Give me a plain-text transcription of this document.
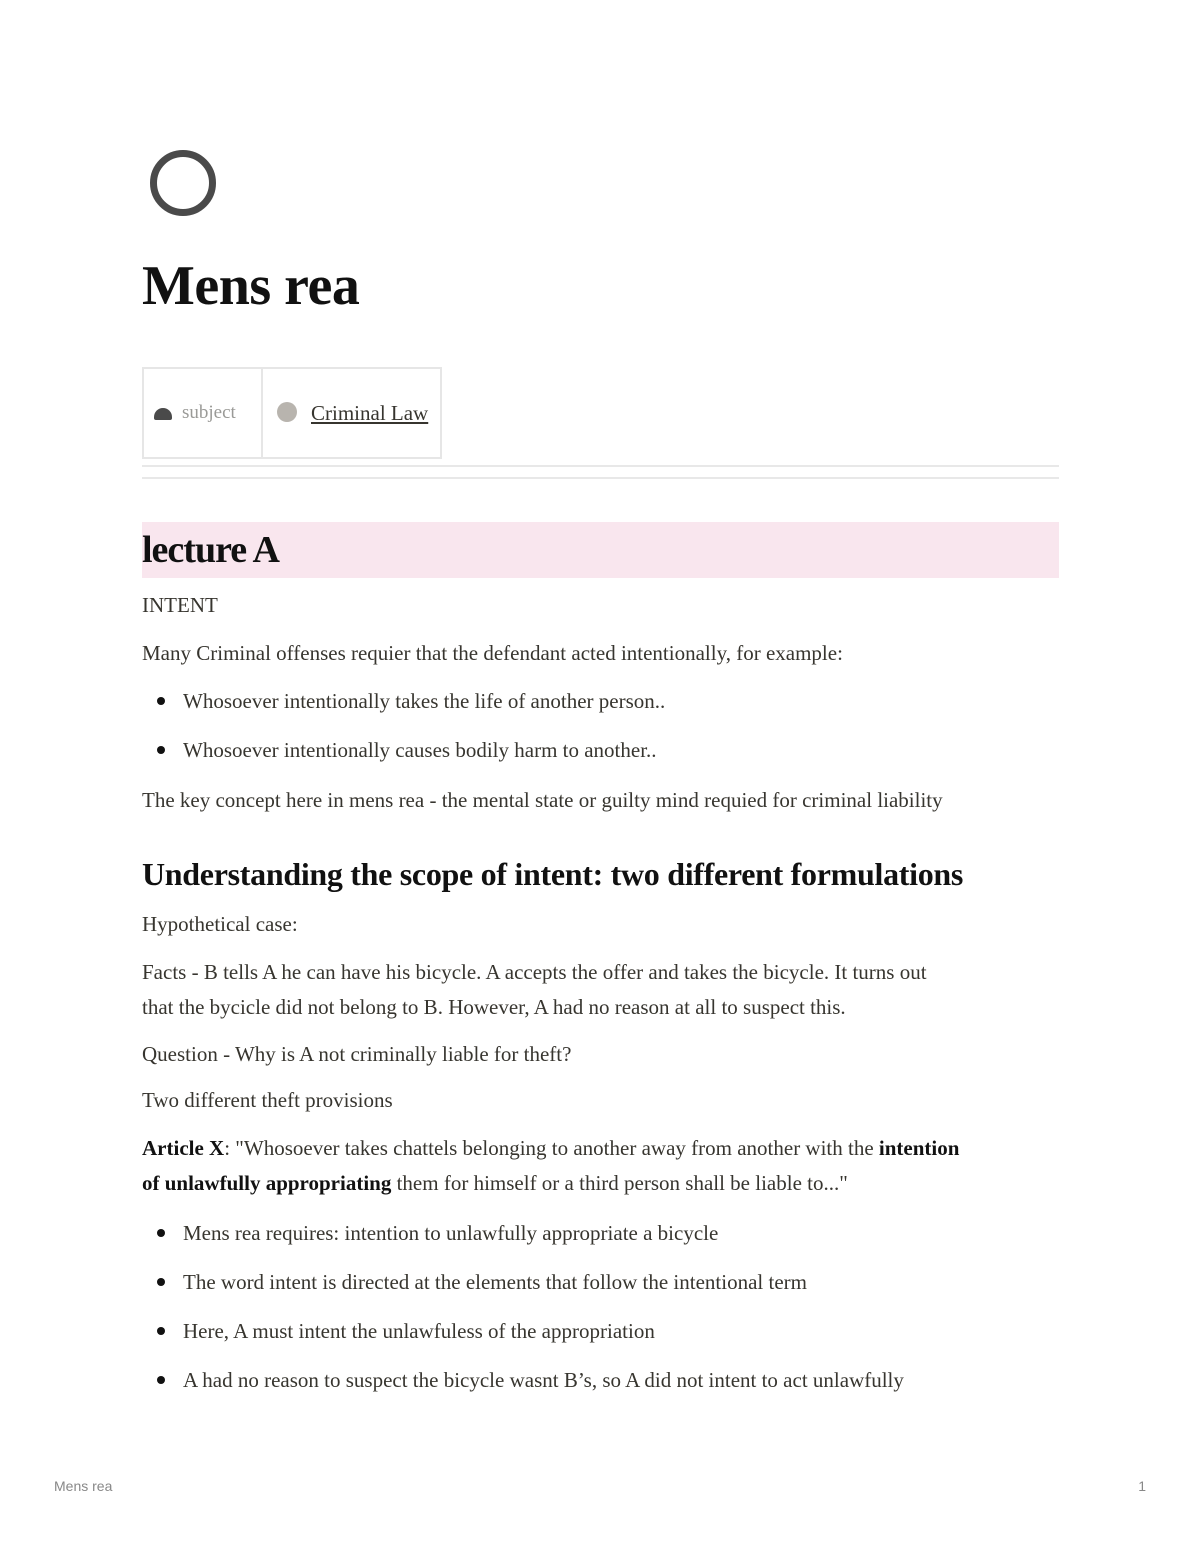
Mens rea
subject	Criminal Law
lecture A

INTENT

Many Criminal offenses requier that the defendant acted intentionally, for example:

Whosoever intentionally takes the life of another person..
Whosoever intentionally causes bodily harm to another..

The key concept here in mens rea - the mental state or guilty mind requied for criminal liability

Understanding the scope of intent: two different formulations

Hypothetical case:

Facts - B tells A he can have his bicycle. A accepts the offer and takes the bicycle. It turns out
that the bycicle did not belong to B. However, A had no reason at all to suspect this.

Question - Why is A not criminally liable for theft?

Two different theft provisions

Article X: "Whosoever takes chattels belonging to another away from another with the intention
of unlawfully appropriating them for himself or a third person shall be liable to..."

Mens rea requires: intention to unlawfully appropriate a bicycle
The word intent is directed at the elements that follow the intentional term
Here, A must intent the unlawfuless of the appropriation
A had no reason to suspect the bicycle wasnt B’s, so A did not intent to act unlawfully
Mens rea	1
